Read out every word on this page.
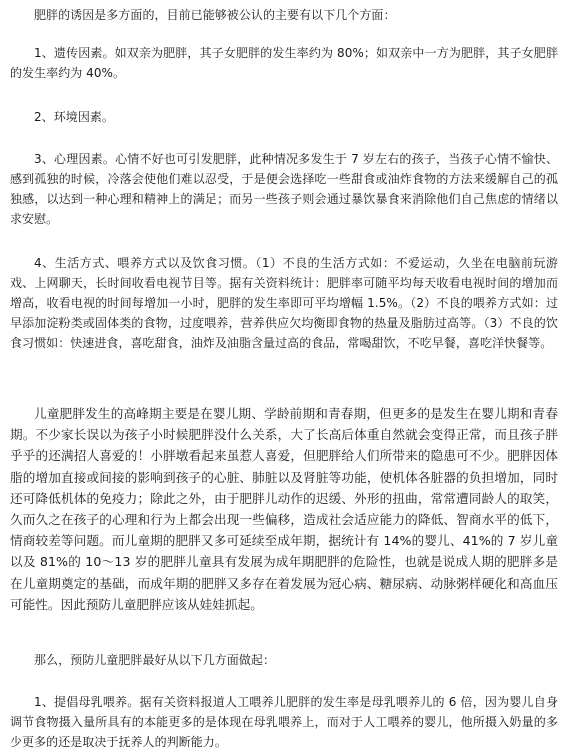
肥胖的诱因是多方面的，目前已能够被公认的主要有以下几个方面：

1、遗传因素。如双亲为肥胖，其子女肥胖的发生率约为 80%；如双亲中一方为肥胖，其子女肥胖的发生率约为 40%。

2、环境因素。

3、心理因素。心情不好也可引发肥胖，此种情况多发生于 7 岁左右的孩子，当孩子心情不愉快、感到孤独的时候，冷落会使他们难以忍受，于是便会选择吃一些甜食或油炸食物的方法来缓解自己的孤独感，以达到一种心理和精神上的满足；而另一些孩子则会通过暴饮暴食来消除他们自己焦虑的情绪以求安慰。

4、生活方式、喂养方式以及饮食习惯。（1）不良的生活方式如：不爱运动，久坐在电脑前玩游戏、上网聊天，长时间收看电视节目等。据有关资料统计：肥胖率可随平均每天收看电视时间的增加而增高，收看电视的时间每增加一小时，肥胖的发生率即可平均增幅 1.5%。（2）不良的喂养方式如：过早添加淀粉类或固体类的食物，过度喂养，营养供应欠均衡即食物的热量及脂肪过高等。（3）不良的饮食习惯如：快速进食，喜吃甜食，油炸及油脂含量过高的食品，常喝甜饮，不吃早餐，喜吃洋快餐等。

儿童肥胖发生的高峰期主要是在婴儿期、学龄前期和青春期，但更多的是发生在婴儿期和青春期。不少家长误以为孩子小时候肥胖没什么关系，大了长高后体重自然就会变得正常，而且孩子胖乎乎的还满招人喜爱的！小胖墩看起来虽惹人喜爱，但肥胖给人们所带来的隐患可不少。肥胖因体脂的增加直接或间接的影响到孩子的心脏、肺脏以及肾脏等功能，使机体各脏器的负担增加，同时还可降低机体的免疫力；除此之外，由于肥胖儿动作的迟缓、外形的扭曲，常常遭同龄人的取笑，久而久之在孩子的心理和行为上都会出现一些偏移，造成社会适应能力的降低、智商水平的低下，情商较差等问题。而儿童期的肥胖又多可延续至成年期，据统计有 14%的婴儿、41%的 7 岁儿童以及 81%的 10～13 岁的肥胖儿童具有发展为成年期肥胖的危险性，也就是说成人期的肥胖多是在儿童期奠定的基础，而成年期的肥胖又多存在着发展为冠心病、糖尿病、动脉粥样硬化和高血压可能性。因此预防儿童肥胖应该从娃娃抓起。

那么，预防儿童肥胖最好从以下几方面做起：

1、提倡母乳喂养。据有关资料报道人工喂养儿肥胖的发生率是母乳喂养儿的 6 倍，因为婴儿自身调节食物摄入量所具有的本能更多的是体现在母乳喂养上，而对于人工喂养的婴儿，他所摄入奶量的多少更多的还是取决于抚养人的判断能力。
